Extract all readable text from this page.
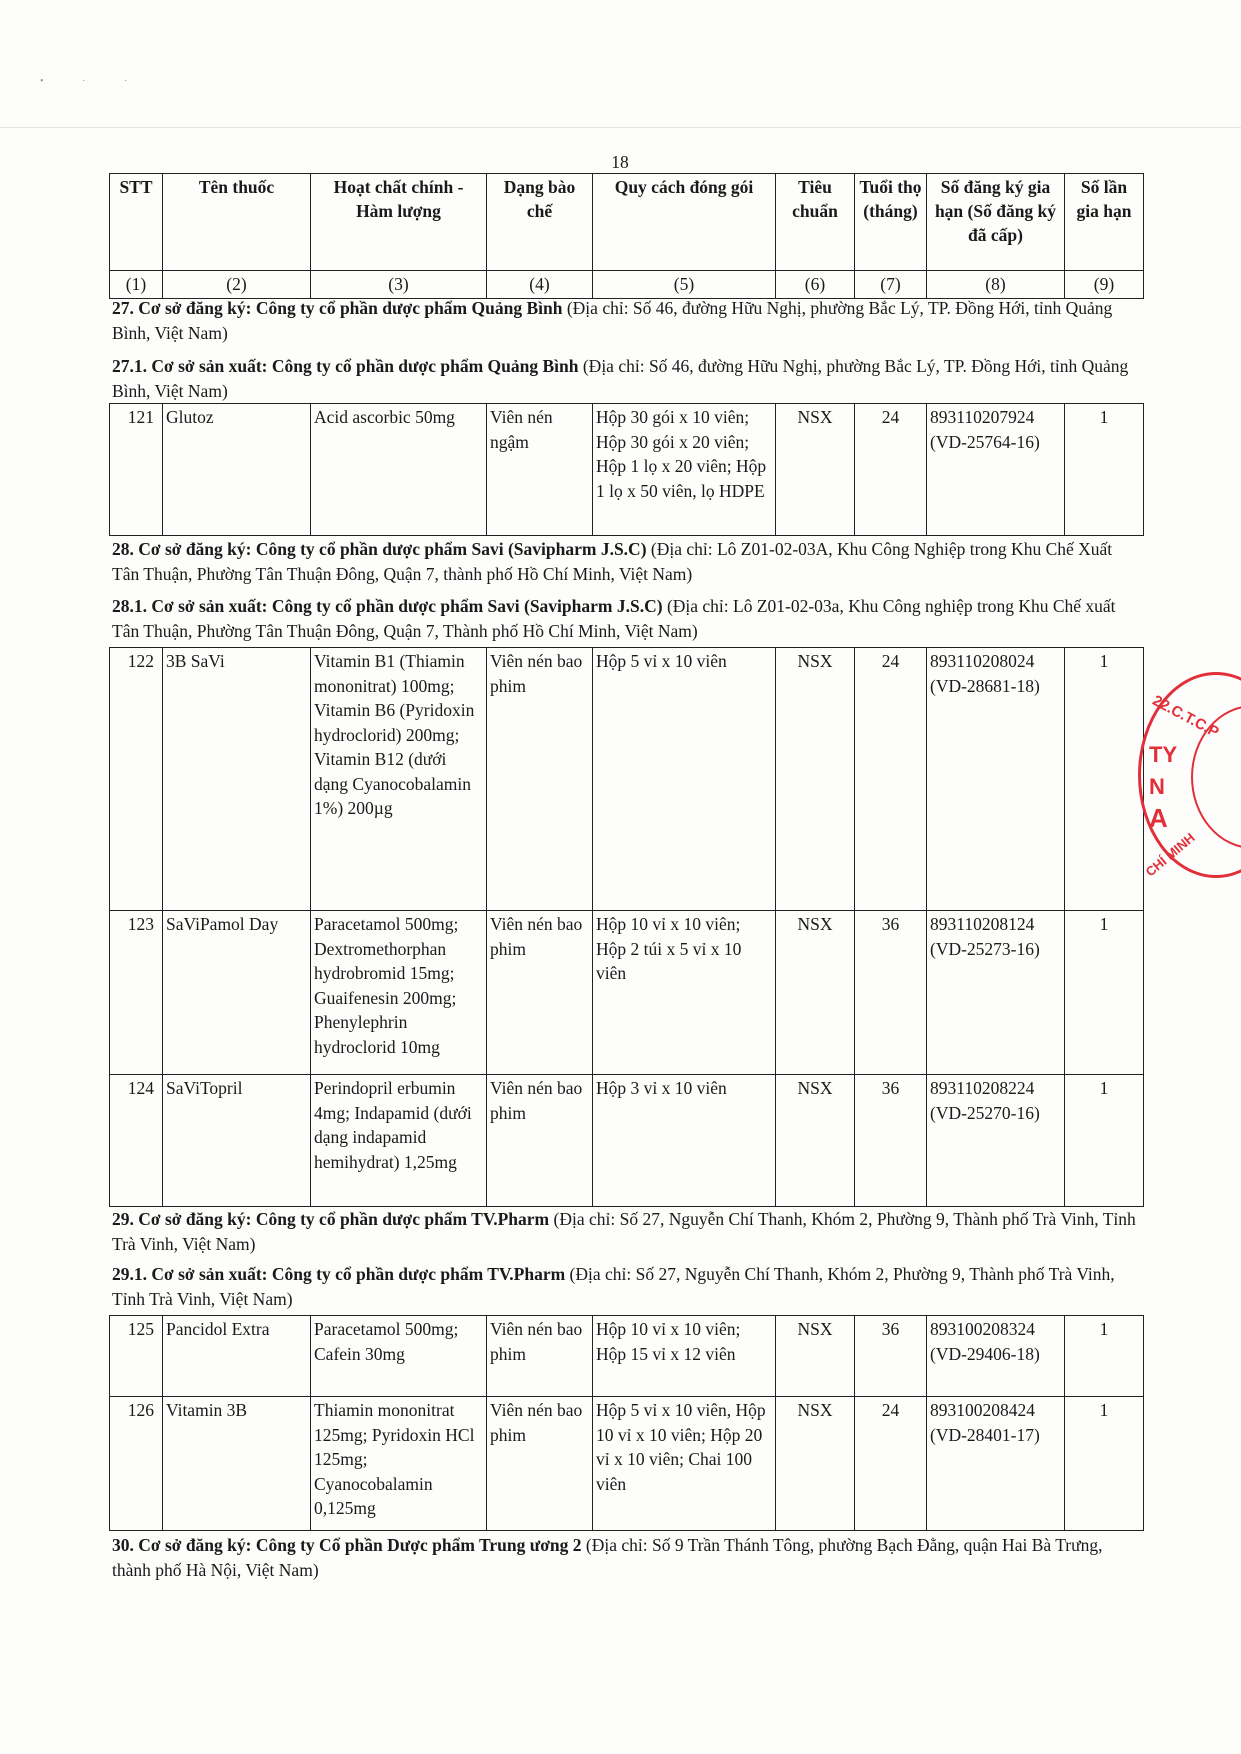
• · ·
18
STT	Tên thuốc	Hoạt chất chính - Hàm lượng	Dạng bào chế	Quy cách đóng gói	Tiêu chuẩn	Tuổi thọ (tháng)	Số đăng ký gia hạn (Số đăng ký đã cấp)	Số lần gia hạn
(1)	(2)	(3)	(4)	(5)	(6)	(7)	(8)	(9)
27. Cơ sở đăng ký: Công ty cổ phần dược phẩm Quảng Bình (Địa chỉ: Số 46, đường Hữu Nghị, phường Bắc Lý, TP. Đồng Hới, tỉnh Quảng Bình, Việt Nam)
27.1. Cơ sở sản xuất: Công ty cổ phần dược phẩm Quảng Bình (Địa chỉ: Số 46, đường Hữu Nghị, phường Bắc Lý, TP. Đồng Hới, tỉnh Quảng Bình, Việt Nam)
121	Glutoz	Acid ascorbic 50mg	Viên nén ngậm	Hộp 30 gói x 10 viên; Hộp 30 gói x 20 viên; Hộp 1 lọ x 20 viên; Hộp 1 lọ x 50 viên, lọ HDPE	NSX	24	893110207924 (VD-25764-16)	1
28. Cơ sở đăng ký: Công ty cổ phần dược phẩm Savi (Savipharm J.S.C) (Địa chỉ: Lô Z01-02-03A, Khu Công Nghiệp trong Khu Chế Xuất Tân Thuận, Phường Tân Thuận Đông, Quận 7, thành phố Hồ Chí Minh, Việt Nam)
28.1. Cơ sở sản xuất: Công ty cổ phần dược phẩm Savi (Savipharm J.S.C) (Địa chỉ: Lô Z01-02-03a, Khu Công nghiệp trong Khu Chế xuất Tân Thuận, Phường Tân Thuận Đông, Quận 7, Thành phố Hồ Chí Minh, Việt Nam)
122	3B SaVi	Vitamin B1 (Thiamin mononitrat) 100mg; Vitamin B6 (Pyridoxin hydroclorid) 200mg; Vitamin B12 (dưới dạng Cyanocobalamin 1%) 200µg	Viên nén bao phim	Hộp 5 vỉ x 10 viên	NSX	24	893110208024 (VD-28681-18)	1
123	SaViPamol Day	Paracetamol 500mg; Dextromethorphan hydrobromid 15mg; Guaifenesin 200mg; Phenylephrin hydroclorid 10mg	Viên nén bao phim	Hộp 10 vỉ x 10 viên; Hộp 2 túi x 5 vỉ x 10 viên	NSX	36	893110208124 (VD-25273-16)	1
124	SaViTopril	Perindopril erbumin 4mg; Indapamid (dưới dạng indapamid hemihydrat) 1,25mg	Viên nén bao phim	Hộp 3 vỉ x 10 viên	NSX	36	893110208224 (VD-25270-16)	1
29. Cơ sở đăng ký: Công ty cổ phần dược phẩm TV.Pharm (Địa chỉ: Số 27, Nguyễn Chí Thanh, Khóm 2, Phường 9, Thành phố Trà Vinh, Tỉnh Trà Vinh, Việt Nam)
29.1. Cơ sở sản xuất: Công ty cổ phần dược phẩm TV.Pharm (Địa chỉ: Số 27, Nguyễn Chí Thanh, Khóm 2, Phường 9, Thành phố Trà Vinh, Tỉnh Trà Vinh, Việt Nam)
125	Pancidol Extra	Paracetamol 500mg; Cafein 30mg	Viên nén bao phim	Hộp 10 vỉ x 10 viên; Hộp 15 vỉ x 12 viên	NSX	36	893100208324 (VD-29406-18)	1
126	Vitamin 3B	Thiamin mononitrat 125mg; Pyridoxin HCl 125mg; Cyanocobalamin 0,125mg	Viên nén bao phim	Hộp 5 vỉ x 10 viên, Hộp 10 vỉ x 10 viên; Hộp 20 vỉ x 10 viên; Chai 100 viên	NSX	24	893100208424 (VD-28401-17)	1
30. Cơ sở đăng ký: Công ty Cổ phần Dược phẩm Trung ương 2 (Địa chỉ: Số 9 Trần Thánh Tông, phường Bạch Đằng, quận Hai Bà Trưng, thành phố Hà Nội, Việt Nam)
22.C.T.C.P
TY
N
A
CHÍ MINH
